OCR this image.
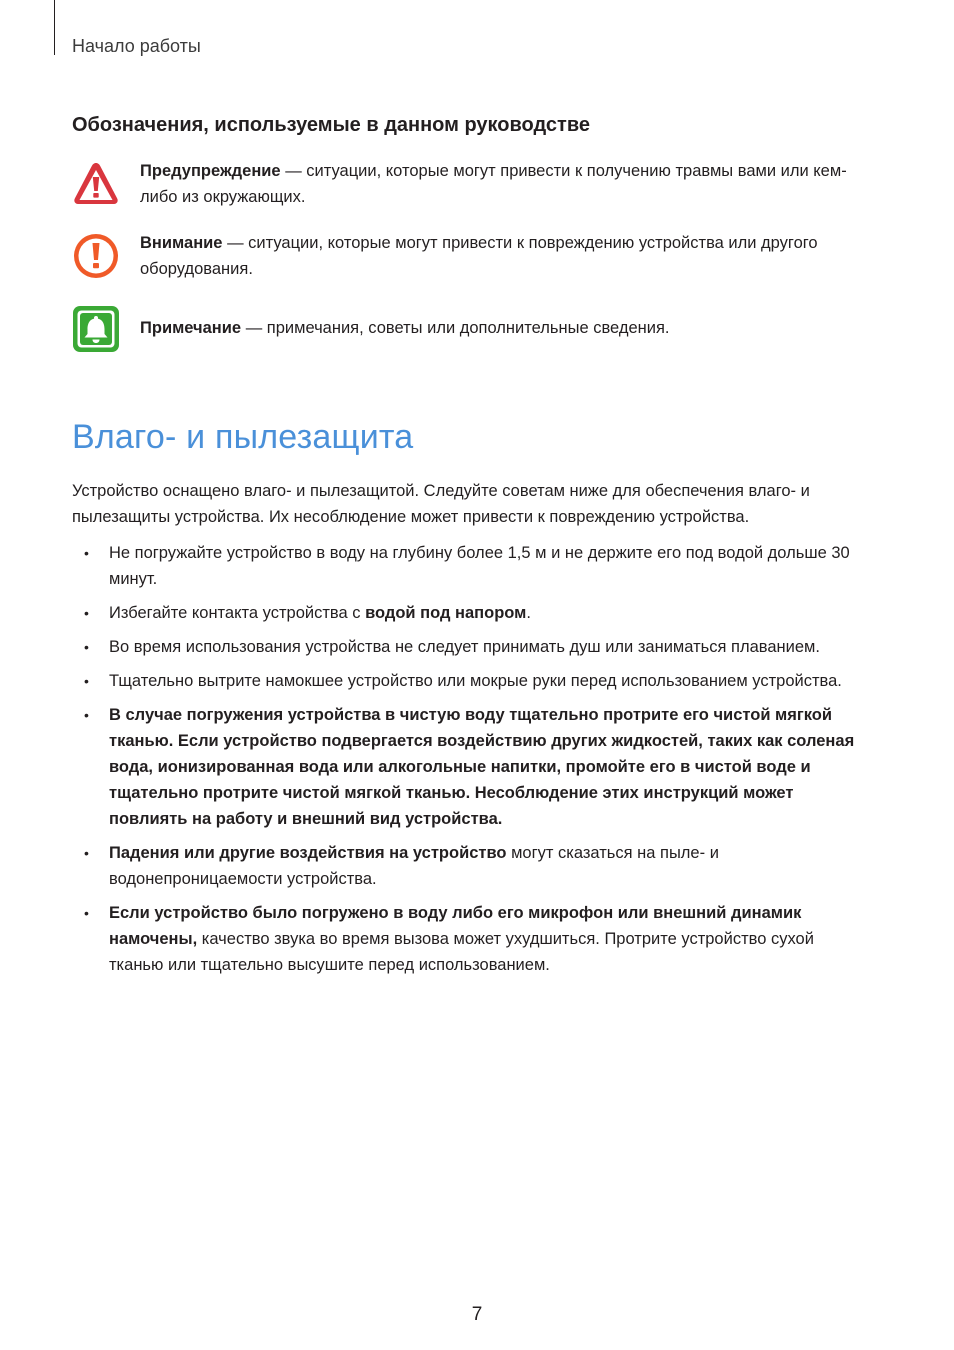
Начало работы
Обозначения, используемые в данном руководстве
Предупреждение — ситуации, которые могут привести к получению травмы вами или кем-либо из окружающих.
Внимание — ситуации, которые могут привести к повреждению устройства или другого оборудования.
Примечание — примечания, советы или дополнительные сведения.
Влаго- и пылезащита
Устройство оснащено влаго- и пылезащитой. Следуйте советам ниже для обеспечения влаго- и пылезащиты устройства. Их несоблюдение может привести к повреждению устройства.
• Не погружайте устройство в воду на глубину более 1,5 м и не держите его под водой дольше 30 минут.
• Избегайте контакта устройства с водой под напором.
• Во время использования устройства не следует принимать душ или заниматься плаванием.
• Тщательно вытрите намокшее устройство или мокрые руки перед использованием устройства.
• В случае погружения устройства в чистую воду тщательно протрите его чистой мягкой тканью. Если устройство подвергается воздействию других жидкостей, таких как соленая вода, ионизированная вода или алкогольные напитки, промойте его в чистой воде и тщательно протрите чистой мягкой тканью. Несоблюдение этих инструкций может повлиять на работу и внешний вид устройства.
• Падения или другие воздействия на устройство могут сказаться на пыле- и водонепроницаемости устройства.
• Если устройство было погружено в воду либо его микрофон или внешний динамик намочены, качество звука во время вызова может ухудшиться. Протрите устройство сухой тканью или тщательно высушите перед использованием.
7
